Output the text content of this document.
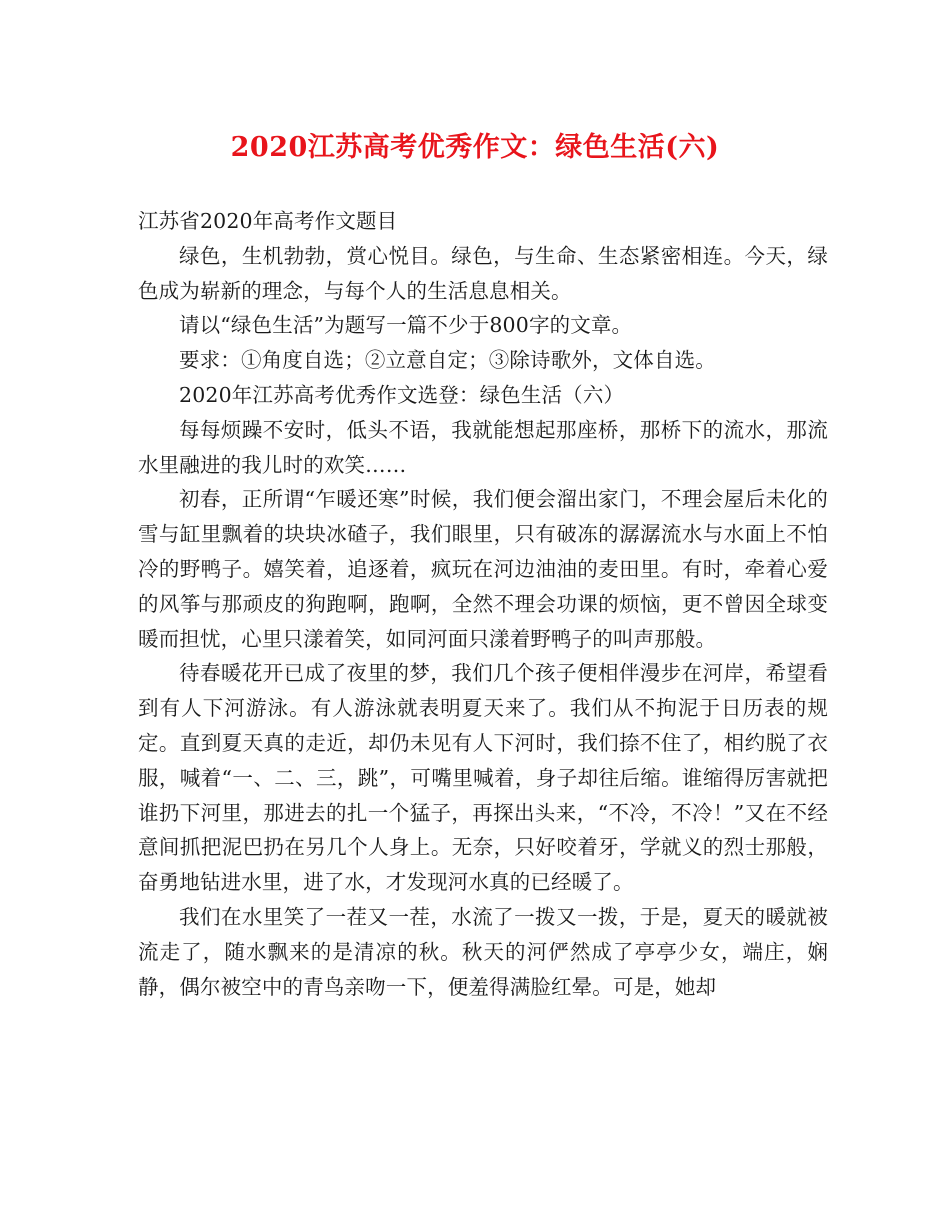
2020江苏高考优秀作文：绿色生活(六)

江苏省2020年高考作文题目

绿色，生机勃勃，赏心悦目。绿色，与生命、生态紧密相连。今天，绿色成为崭新的理念，与每个人的生活息息相关。

请以“绿色生活”为题写一篇不少于800字的文章。

要求：①角度自选；②立意自定；③除诗歌外，文体自选。

2020年江苏高考优秀作文选登：绿色生活（六）

每每烦躁不安时，低头不语，我就能想起那座桥，那桥下的流水，那流水里融进的我儿时的欢笑……

初春，正所谓“乍暖还寒”时候，我们便会溜出家门，不理会屋后未化的雪与缸里飘着的块块冰碴子，我们眼里，只有破冻的潺潺流水与水面上不怕冷的野鸭子。嬉笑着，追逐着，疯玩在河边油油的麦田里。有时，牵着心爱的风筝与那顽皮的狗跑啊，跑啊，全然不理会功课的烦恼，更不曾因全球变暖而担忧，心里只漾着笑，如同河面只漾着野鸭子的叫声那般。

待春暖花开已成了夜里的梦，我们几个孩子便相伴漫步在河岸，希望看到有人下河游泳。有人游泳就表明夏天来了。我们从不拘泥于日历表的规定。直到夏天真的走近，却仍未见有人下河时，我们捺不住了，相约脱了衣服，喊着“一、二、三，跳”，可嘴里喊着，身子却往后缩。谁缩得厉害就把谁扔下河里，那进去的扎一个猛子，再探出头来，“不冷，不冷！”又在不经意间抓把泥巴扔在另几个人身上。无奈，只好咬着牙，学就义的烈士那般，奋勇地钻进水里，进了水，才发现河水真的已经暖了。

我们在水里笑了一茬又一茬，水流了一拨又一拨，于是，夏天的暖就被流走了，随水飘来的是清凉的秋。秋天的河俨然成了亭亭少女，端庄，娴静，偶尔被空中的青鸟亲吻一下，便羞得满脸红晕。可是，她却
